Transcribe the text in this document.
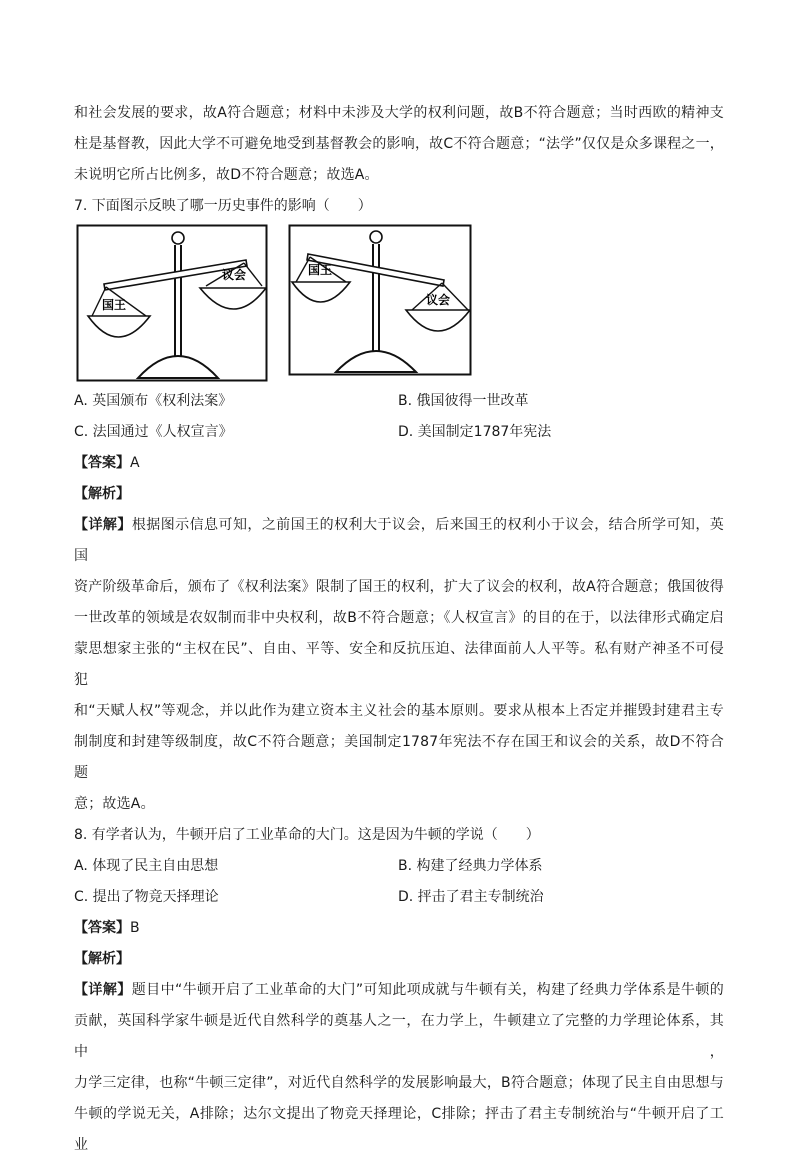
和社会发展的要求，故A符合题意；材料中未涉及大学的权利问题，故B不符合题意；当时西欧的精神支

柱是基督教，因此大学不可避免地受到基督教会的影响，故C不符合题意；“法学”仅仅是众多课程之一，

未说明它所占比例多，故D不符合题意；故选A。

7. 下面图示反映了哪一历史事件的影响（　　）

国王
议会	国王
议会
A. 英国颁布《权利法案》	B. 俄国彼得一世改革
C. 法国通过《人权宣言》	D. 美国制定1787年宪法
【答案】A
【解析】

【详解】根据图示信息可知，之前国王的权利大于议会，后来国王的权利小于议会，结合所学可知，英国

资产阶级革命后，颁布了《权利法案》限制了国王的权利，扩大了议会的权利，故A符合题意；俄国彼得

一世改革的领域是农奴制而非中央权利，故B不符合题意；《人权宣言》的目的在于，以法律形式确定启

蒙思想家主张的“主权在民”、自由、平等、安全和反抗压迫、法律面前人人平等。私有财产神圣不可侵犯

和“天赋人权”等观念，并以此作为建立资本主义社会的基本原则。要求从根本上否定并摧毁封建君主专

制制度和封建等级制度，故C不符合题意；美国制定1787年宪法不存在国王和议会的关系，故D不符合题

意；故选A。

8. 有学者认为，牛顿开启了工业革命的大门。这是因为牛顿的学说（　　）

A. 体现了民主自由思想	B. 构建了经典力学体系
C. 提出了物竞天择理论	D. 抨击了君主专制统治
【答案】B
【解析】

【详解】题目中“牛顿开启了工业革命的大门”可知此项成就与牛顿有关，构建了经典力学体系是牛顿的

贡献，英国科学家牛顿是近代自然科学的奠基人之一，在力学上，牛顿建立了完整的力学理论体系，其中，

力学三定律，也称“牛顿三定律”，对近代自然科学的发展影响最大，B符合题意；体现了民主自由思想与

牛顿的学说无关，A排除；达尔文提出了物竞天择理论，C排除；抨击了君主专制统治与“牛顿开启了工业
